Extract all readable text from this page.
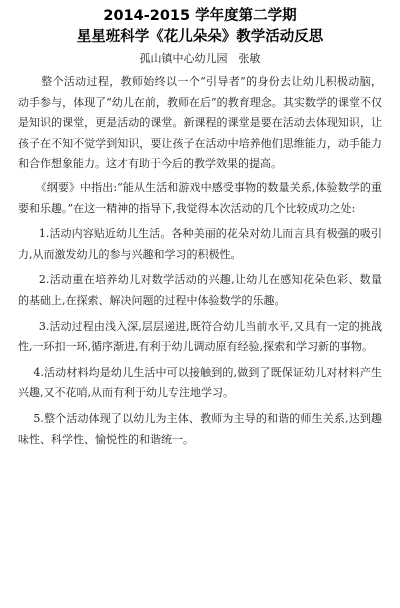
2014-2015 学年度第二学期
星星班科学《花儿朵朵》教学活动反思
孤山镇中心幼儿园　张敏

整个活动过程，教师始终以一个“引导者”的身份去让幼儿积极动脑，动手参与，体现了“幼儿在前，教师在后”的教育理念。其实数学的课堂不仅是知识的课堂，更是活动的课堂。新课程的课堂是要在活动去体现知识，让孩子在不知不觉学到知识，要让孩子在活动中培养他们思维能力，动手能力和合作想象能力。这才有助于今后的教学效果的提高。

《纲要》中指出:“能从生活和游戏中感受事物的数量关系,体验数学的重要和乐趣。”在这一精神的指导下,我觉得本次活动的几个比较成功之处:

1.活动内容贴近幼儿生活。各种美丽的花朵对幼儿而言具有极强的吸引力,从而激发幼儿的参与兴趣和学习的积极性。

2.活动重在培养幼儿对数学活动的兴趣,让幼儿在感知花朵色彩、数量的基础上,在探索、解决问题的过程中体验数学的乐趣。

3.活动过程由浅入深,层层递进,既符合幼儿当前水平,又具有一定的挑战性,一环扣一环,循序渐进,有利于幼儿调动原有经验,探索和学习新的事物。

4.活动材料均是幼儿生活中可以接触到的,做到了既保证幼儿对材料产生兴趣,又不花哨,从而有利于幼儿专注地学习。

5.整个活动体现了以幼儿为主体、教师为主导的和谐的师生关系,达到趣味性、科学性、愉悦性的和谐统一。
